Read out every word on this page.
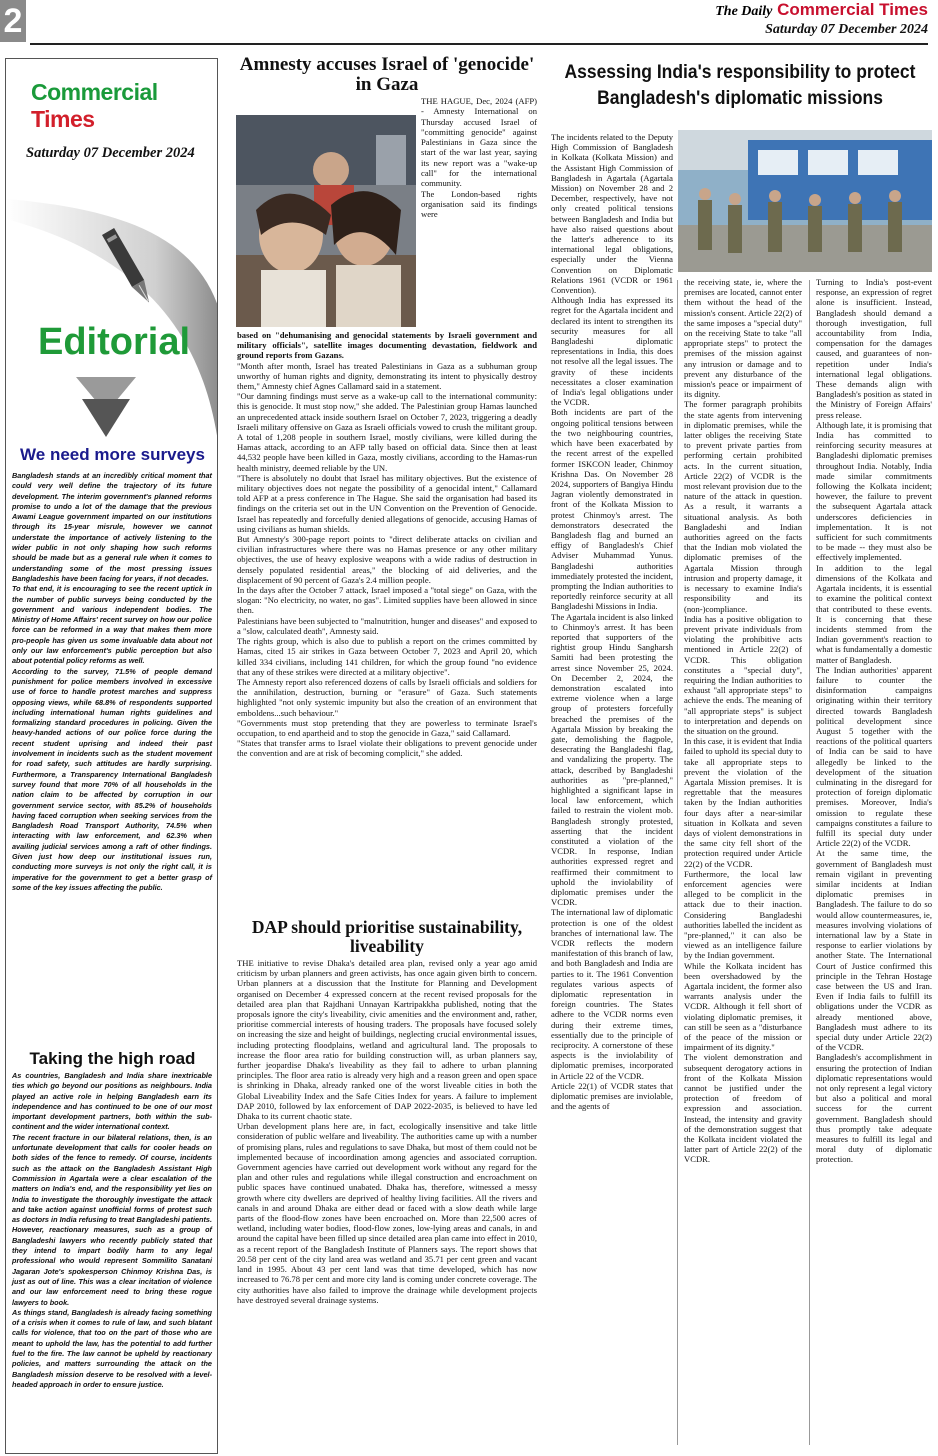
2	The Daily Commercial Times
Saturday 07 December 2024
Commercial Times
Saturday 07 December 2024
Editorial
We need more surveys

Bangladesh stands at an incredibly critical moment that could very well define the trajectory of its future development. The interim government's planned reforms promise to undo a lot of the damage that the previous Awami League government imparted on our institutions through its 15-year misrule, however we cannot understate the importance of actively listening to the wider public in not only shaping how such reforms should be made but as a general rule when it comes to understanding some of the most pressing issues Bangladeshis have been facing for years, if not decades.

To that end, it is encouraging to see the recent uptick in the number of public surveys being conducted by the government and various independent bodies. The Ministry of Home Affairs' recent survey on how our police force can be reformed in a way that makes them more pro-people has given us some invaluable data about not only our law enforcement's public perception but also about potential policy reforms as well.

According to the survey, 71.5% of people demand punishment for police members involved in excessive use of force to handle protest marches and suppress opposing views, while 68.8% of respondents supported including international human rights guidelines and formalizing standard procedures in policing. Given the heavy-handed actions of our police force during the recent student uprising and indeed their past involvement in incidents such as the student movement for road safety, such attitudes are hardly surprising. Furthermore, a Transparency International Bangladesh survey found that more 70% of all households in the nation claim to be affected by corruption in our government service sector, with 85.2% of households having faced corruption when seeking services from the Bangladesh Road Transport Authority, 74.5% when interacting with law enforcement, and 62.3% when availing judicial services among a raft of other findings. Given just how deep our institutional issues run, conducting more surveys is not only the right call, it is imperative for the government to get a better grasp of some of the key issues affecting the public.

Taking the high road

As countries, Bangladesh and India share inextricable ties which go beyond our positions as neighbours. India played an active role in helping Bangladesh earn its independence and has continued to be one of our most important development partners, both within the sub-continent and the wider international context.

The recent fracture in our bilateral relations, then, is an unfortunate development that calls for cooler heads on both sides of the fence to remedy. Of course, incidents such as the attack on the Bangladesh Assistant High Commission in Agartala were a clear escalation of the matters on India's end, and the responsibility yet lies on India to investigate the thoroughly investigate the attack and take action against unofficial forms of protest such as doctors in India refusing to treat Bangladeshi patients. However, reactionary measures, such as a group of Bangladeshi lawyers who recently publicly stated that they intend to impart bodily harm to any legal professional who would represent Sommilito Sanatani Jagaran Jote's spokesperson Chinmoy Krishna Das, is just as out of line. This was a clear incitation of violence and our law enforcement need to bring these rogue lawyers to book.

As things stand, Bangladesh is already facing something of a crisis when it comes to rule of law, and such blatant calls for violence, that too on the part of those who are meant to uphold the law, has the potential to add further fuel to the fire. The law cannot be upheld by reactionary policies, and matters surrounding the attack on the Bangladesh mission deserve to be resolved with a level-headed approach in order to ensure justice.

Amnesty accuses Israel of 'genocide' in Gaza
THE HAGUE, Dec, 2024 (AFP) - Amnesty International on Thursday accused Israel of "committing genocide" against Palestinians in Gaza since the start of the war last year, saying its new report was a "wake-up call" for the international community.
The London-based rights organisation said its findings were

based on "dehumanising and genocidal statements by Israeli government and military officials", satellite images documenting devastation, fieldwork and ground reports from Gazans.

"Month after month, Israel has treated Palestinians in Gaza as a subhuman group unworthy of human rights and dignity, demonstrating its intent to physically destroy them," Amnesty chief Agnes Callamard said in a statement.

"Our damning findings must serve as a wake-up call to the international community: this is genocide. It must stop now," she added. The Palestinian group Hamas launched an unprecedented attack inside southern Israel on October 7, 2023, triggering a deadly Israeli military offensive on Gaza as Israeli officials vowed to crush the militant group. A total of 1,208 people in southern Israel, mostly civilians, were killed during the Hamas attack, according to an AFP tally based on official data. Since then at least 44,532 people have been killed in Gaza, mostly civilians, according to the Hamas-run health ministry, deemed reliable by the UN.

"There is absolutely no doubt that Israel has military objectives. But the existence of military objectives does not negate the possibility of a genocidal intent," Callamard told AFP at a press conference in The Hague. She said the organisation had based its findings on the criteria set out in the UN Convention on the Prevention of Genocide. Israel has repeatedly and forcefully denied allegations of genocide, accusing Hamas of using civilians as human shields.

But Amnesty's 300-page report points to "direct deliberate attacks on civilian and civilian infrastructures where there was no Hamas presence or any other military objectives, the use of heavy explosive weapons with a wide radius of destruction in densely populated residential areas," the blocking of aid deliveries, and the displacement of 90 percent of Gaza's 2.4 million people.

In the days after the October 7 attack, Israel imposed a "total siege" on Gaza, with the slogan: "No electricity, no water, no gas". Limited supplies have been allowed in since then.

Palestinians have been subjected to "malnutrition, hunger and diseases" and exposed to a "slow, calculated death", Amnesty said.

The rights group, which is also due to publish a report on the crimes committed by Hamas, cited 15 air strikes in Gaza between October 7, 2023 and April 20, which killed 334 civilians, including 141 children, for which the group found "no evidence that any of these strikes were directed at a military objective".

The Amnesty report also referenced dozens of calls by Israeli officials and soldiers for the annihilation, destruction, burning or "erasure" of Gaza. Such statements highlighted "not only systemic impunity but also the creation of an environment that emboldens...such behaviour."

"Governments must stop pretending that they are powerless to terminate Israel's occupation, to end apartheid and to stop the genocide in Gaza," said Callamard.

"States that transfer arms to Israel violate their obligations to prevent genocide under the convention and are at risk of becoming complicit," she added.

DAP should prioritise sustainability, liveability

THE initiative to revise Dhaka's detailed area plan, revised only a year ago amid criticism by urban planners and green activists, has once again given birth to concern. Urban planners at a discussion that the Institute for Planning and Development organised on December 4 expressed concern at the recent revised proposals for the detailed area plan that Rajdhani Unnayan Kartripakkha published, noting that the proposals ignore the city's liveability, civic amenities and the environment and, rather, prioritise commercial interests of housing traders. The proposals have focused solely on increasing the size and height of buildings, neglecting crucial environmental issues, including protecting floodplains, wetland and agricultural land. The proposals to increase the floor area ratio for building construction will, as urban planners say, further jeopardise Dhaka's liveability as they fail to adhere to urban planning principles. The floor area ratio is already very high and a reason green and open space is shrinking in Dhaka, already ranked one of the worst liveable cities in both the Global Liveability Index and the Safe Cities Index for years. A failure to implement DAP 2010, followed by lax enforcement of DAP 2022-2035, is believed to have led Dhaka to its current chaotic state.

Urban development plans here are, in fact, ecologically insensitive and take little consideration of public welfare and liveability. The authorities came up with a number of promising plans, rules and regulations to save Dhaka, but most of them could not be implemented because of incoordination among agencies and associated corruption. Government agencies have carried out development work without any regard for the plan and other rules and regulations while illegal construction and encroachment on public spaces have continued unabated. Dhaka has, therefore, witnessed a messy growth where city dwellers are deprived of healthy living facilities. All the rivers and canals in and around Dhaka are either dead or faced with a slow death while large parts of the flood-flow zones have been encroached on. More than 22,500 acres of wetland, including water bodies, flood-flow zones, low-lying areas and canals, in and around the capital have been filled up since detailed area plan came into effect in 2010, as a recent report of the Bangladesh Institute of Planners says. The report shows that 20.58 per cent of the city land area was wetland and 35.71 per cent green and vacant land in 1995. About 43 per cent land was that time developed, which has now increased to 76.78 per cent and more city land is coming under concrete coverage. The city authorities have also failed to improve the drainage while development projects have destroyed several drainage systems.

Assessing India's responsibility to protect
Bangladesh's diplomatic missions

The incidents related to the Deputy High Commission of Bangladesh in Kolkata (Kolkata Mission) and the Assistant High Commission of Bangladesh in Agartala (Agartala Mission) on November 28 and 2 December, respectively, have not only created political tensions between Bangladesh and India but have also raised questions about the latter's adherence to its international legal obligations, especially under the Vienna Convention on Diplomatic Relations 1961 (VCDR or 1961 Convention).

Although India has expressed its regret for the Agartala incident and declared its intent to strengthen its security measures for all Bangladeshi diplomatic representations in India, this does not resolve all the legal issues. The gravity of these incidents necessitates a closer examination of India's legal obligations under the VCDR.

Both incidents are part of the ongoing political tensions between the two neighbouring countries, which have been exacerbated by the recent arrest of the expelled former ISKCON leader, Chinmoy Krishna Das. On November 28 2024, supporters of Bangiya Hindu Jagran violently demonstrated in front of the Kolkata Mission to protest Chinmoy's arrest. The demonstrators desecrated the Bangladesh flag and burned an effigy of Bangladesh's Chief Adviser Muhammad Yunus. Bangladeshi authorities immediately protested the incident, prompting the Indian authorities to reportedly reinforce security at all Bangladeshi Missions in India.

The Agartala incident is also linked to Chinmoy's arrest. It has been reported that supporters of the rightist group Hindu Sangharsh Samiti had been protesting the arrest since November 25, 2024. On December 2, 2024, the demonstration escalated into extreme violence when a large group of protesters forcefully breached the premises of the Agartala Mission by breaking the gate, demolishing the flagpole, desecrating the Bangladeshi flag, and vandalizing the property. The attack, described by Bangladeshi authorities as "pre-planned," highlighted a significant lapse in local law enforcement, which failed to restrain the violent mob. Bangladesh strongly protested, asserting that the incident constituted a violation of the VCDR. In response, Indian authorities expressed regret and reaffirmed their commitment to uphold the inviolability of diplomatic premises under the VCDR.

The international law of diplomatic protection is one of the oldest branches of international law. The VCDR reflects the modern manifestation of this branch of law, and both Bangladesh and India are parties to it. The 1961 Convention regulates various aspects of diplomatic representation in foreign countries. The States adhere to the VCDR norms even during their extreme times, essentially due to the principle of reciprocity. A cornerstone of these aspects is the inviolability of diplomatic premises, incorporated in Article 22 of the VCDR.

Article 22(1) of VCDR states that diplomatic premises are inviolable, and the agents of

the receiving state, ie, where the premises are located, cannot enter them without the head of the mission's consent. Article 22(2) of the same imposes a "special duty" on the receiving State to take "all appropriate steps" to protect the premises of the mission against any intrusion or damage and to prevent any disturbance of the mission's peace or impairment of its dignity.

The former paragraph prohibits the state agents from intervening in diplomatic premises, while the latter obliges the receiving State to prevent private parties from performing certain prohibited acts. In the current situation, Article 22(2) of VCDR is the most relevant provision due to the nature of the attack in question. As a result, it warrants a situational analysis. As both Bangladeshi and Indian authorities agreed on the facts that the Indian mob violated the diplomatic premises of the Agartala Mission through intrusion and property damage, it is necessary to examine India's responsibility and its (non-)compliance.

India has a positive obligation to prevent private individuals from violating the prohibitive acts mentioned in Article 22(2) of VCDR. This obligation constitutes a "special duty", requiring the Indian authorities to exhaust "all appropriate steps" to achieve the ends. The meaning of "all appropriate steps" is subject to interpretation and depends on the situation on the ground.

In this case, it is evident that India failed to uphold its special duty to take all appropriate steps to prevent the violation of the Agartala Mission premises. It is regrettable that the measures taken by the Indian authorities four days after a near-similar situation in Kolkata and seven days of violent demonstrations in the same city fell short of the protection required under Article 22(2) of the VCDR.

Furthermore, the local law enforcement agencies were alleged to be complicit in the attack due to their inaction. Considering Bangladeshi authorities labelled the incident as "pre-planned," it can also be viewed as an intelligence failure by the Indian government.

While the Kolkata incident has been overshadowed by the Agartala incident, the former also warrants analysis under the VCDR. Although it fell short of violating diplomatic premises, it can still be seen as a "disturbance of the peace of the mission or impairment of its dignity."

The violent demonstration and subsequent derogatory actions in front of the Kolkata Mission cannot be justified under the protection of freedom of expression and association. Instead, the intensity and gravity of the demonstration suggest that the Kolkata incident violated the latter part of Article 22(2) of the VCDR.

Turning to India's post-event response, an expression of regret alone is insufficient. Instead, Bangladesh should demand a thorough investigation, full accountability from India, compensation for the damages caused, and guarantees of non-repetition under India's international legal obligations. These demands align with Bangladesh's position as stated in the Ministry of Foreign Affairs' press release.

Although late, it is promising that India has committed to reinforcing security measures at Bangladeshi diplomatic premises throughout India. Notably, India made similar commitments following the Kolkata incident; however, the failure to prevent the subsequent Agartala attack underscores deficiencies in implementation. It is not sufficient for such commitments to be made -- they must also be effectively implemented.

In addition to the legal dimensions of the Kolkata and Agartala incidents, it is essential to examine the political context that contributed to these events. It is concerning that these incidents stemmed from the Indian government's reaction to what is fundamentally a domestic matter of Bangladesh.

The Indian authorities' apparent failure to counter the disinformation campaigns originating within their territory directed towards Bangladesh political development since August 5 together with the reactions of the political quarters of India can be said to have allegedly be linked to the development of the situation culminating in the disregard for protection of foreign diplomatic premises. Moreover, India's omission to regulate these campaigns constitutes a failure to fulfill its special duty under Article 22(2) of the VCDR.

At the same time, the government of Bangladesh must remain vigilant in preventing similar incidents at Indian diplomatic premises in Bangladesh. The failure to do so would allow countermeasures, ie, measures involving violations of international law by a State in response to earlier violations by another State. The International Court of Justice confirmed this principle in the Tehran Hostage case between the US and Iran. Even if India fails to fulfill its obligations under the VCDR as already mentioned above, Bangladesh must adhere to its special duty under Article 22(2) of the VCDR.

Bangladesh's accomplishment in ensuring the protection of Indian diplomatic representations would not only represent a legal victory but also a political and moral success for the current government. Bangladesh should thus promptly take adequate measures to fulfill its legal and moral duty of diplomatic protection.
